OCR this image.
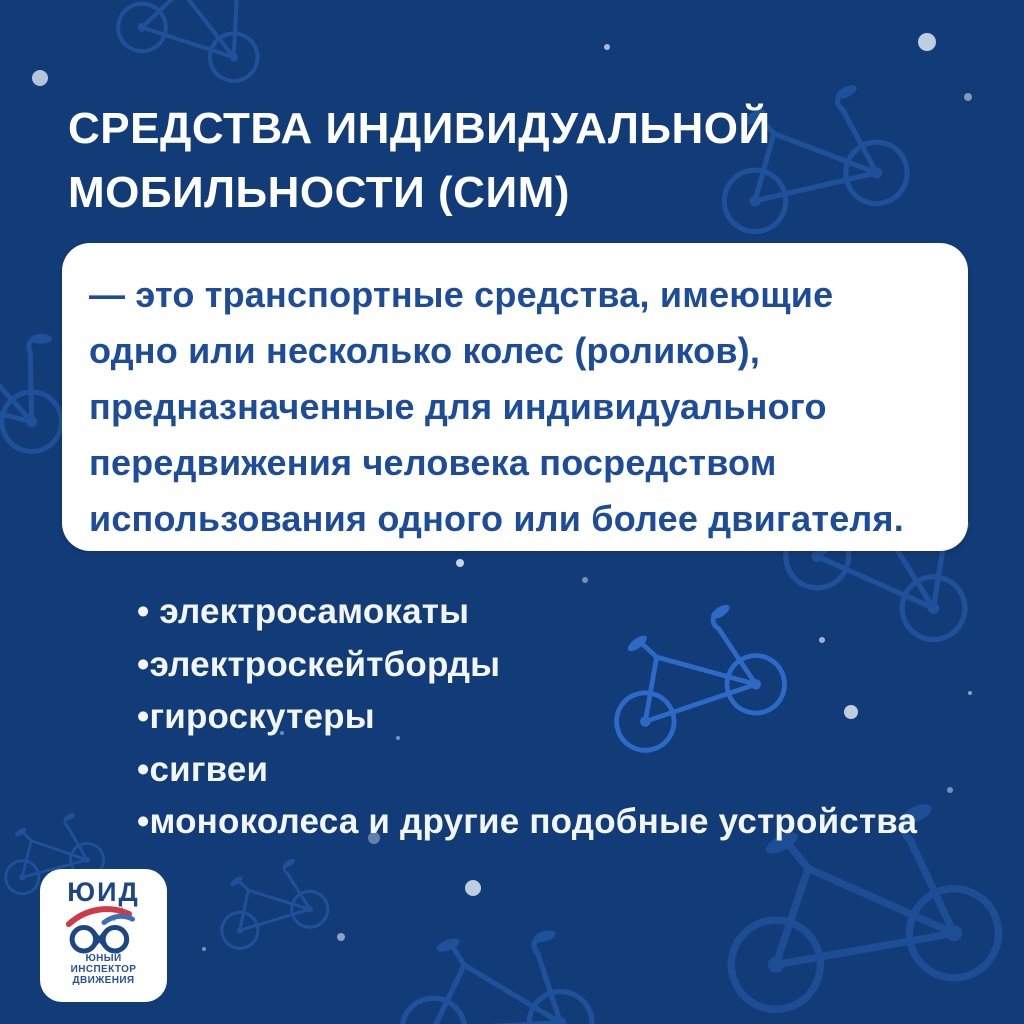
СРЕДСТВА ИНДИВИДУАЛЬНОЙ
МОБИЛЬНОСТИ (СИМ)

— это транспортные средства, имеющие

одно или несколько колес (роликов),

предназначенные для индивидуального

передвижения человека посредством

использования одного или более двигателя.

• электросамокаты
•электроскейтборды
•гироскутеры
•сигвеи
•моноколеса и другие подобные устройства
ЮИД
ЮНЫЙ
ИНСПЕКТОР
ДВИЖЕНИЯ
